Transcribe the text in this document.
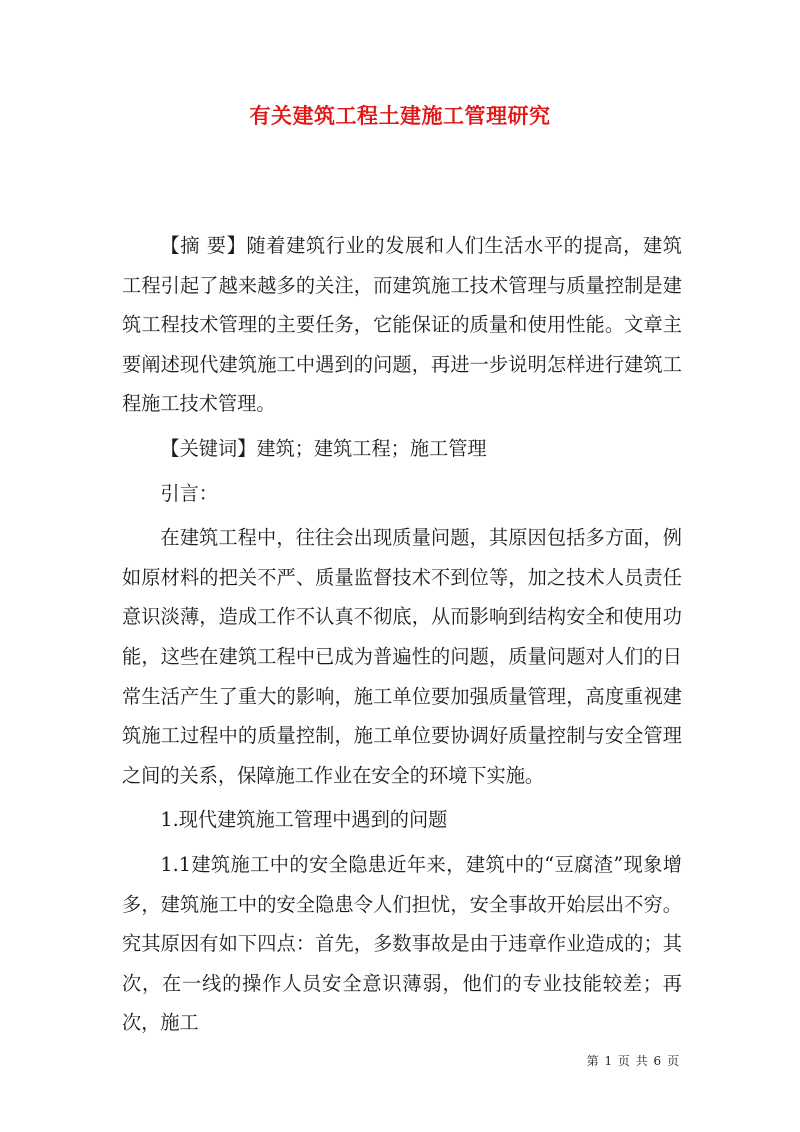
有关建筑工程土建施工管理研究

【摘 要】随着建筑行业的发展和人们生活水平的提高，建筑工程引起了越来越多的关注，而建筑施工技术管理与质量控制是建筑工程技术管理的主要任务，它能保证的质量和使用性能。文章主要阐述现代建筑施工中遇到的问题，再进一步说明怎样进行建筑工程施工技术管理。

【关键词】建筑；建筑工程；施工管理

引言：

在建筑工程中，往往会出现质量问题，其原因包括多方面，例如原材料的把关不严、质量监督技术不到位等，加之技术人员责任意识淡薄，造成工作不认真不彻底，从而影响到结构安全和使用功能，这些在建筑工程中已成为普遍性的问题，质量问题对人们的日常生活产生了重大的影响，施工单位要加强质量管理，高度重视建筑施工过程中的质量控制，施工单位要协调好质量控制与安全管理之间的关系，保障施工作业在安全的环境下实施。

1.现代建筑施工管理中遇到的问题

1.1建筑施工中的安全隐患近年来，建筑中的“豆腐渣”现象增多，建筑施工中的安全隐患令人们担忧，安全事故开始层出不穷。究其原因有如下四点：首先，多数事故是由于违章作业造成的；其次，在一线的操作人员安全意识薄弱，他们的专业技能较差；再次，施工

第 1 页 共 6 页
